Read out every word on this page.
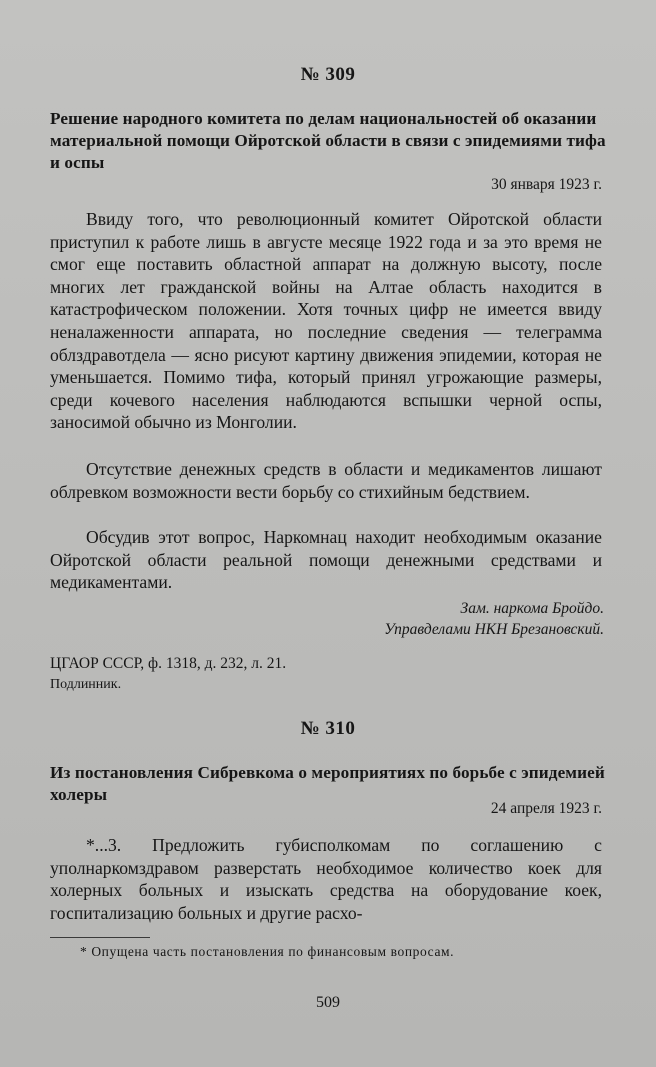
№ 309
Решение народного комитета по делам национальностей об оказании материальной помощи Ойротской области в связи с эпидемиями тифа и оспы
30 января 1923 г.

Ввиду того, что революционный комитет Ойротской области приступил к работе лишь в августе месяце 1922 года и за это время не смог еще поставить областной аппарат на должную высоту, после многих лет гражданской войны на Алтае область находится в катастрофическом положении. Хотя точных цифр не имеется ввиду неналаженности аппарата, но последние сведения — телеграмма облздравотдела — ясно рисуют картину движения эпидемии, которая не уменьшается. Помимо тифа, который принял угрожающие размеры, среди кочевого населения наблюдаются вспышки черной оспы, заносимой обычно из Монголии.

Отсутствие денежных средств в области и медикаментов лишают облревком возможности вести борьбу со стихийным бедствием.

Обсудив этот вопрос, Наркомнац находит необходимым оказание Ойротской области реальной помощи денежными средствами и медикаментами.

Зам. наркома Бройдо.
Управделами НКН Брезановский.
ЦГАОР СССР, ф. 1318, д. 232, л. 21.
Подлинник.
№ 310
Из постановления Сибревкома о мероприятиях по борьбе с эпидемией холеры
24 апреля 1923 г.

*...3. Предложить губисполкомам по соглашению с уполнаркомздравом разверстать необходимое количество коек для холерных больных и изыскать средства на оборудование коек, госпитализацию больных и другие расхо-

* Опущена часть постановления по финансовым вопросам.
509
